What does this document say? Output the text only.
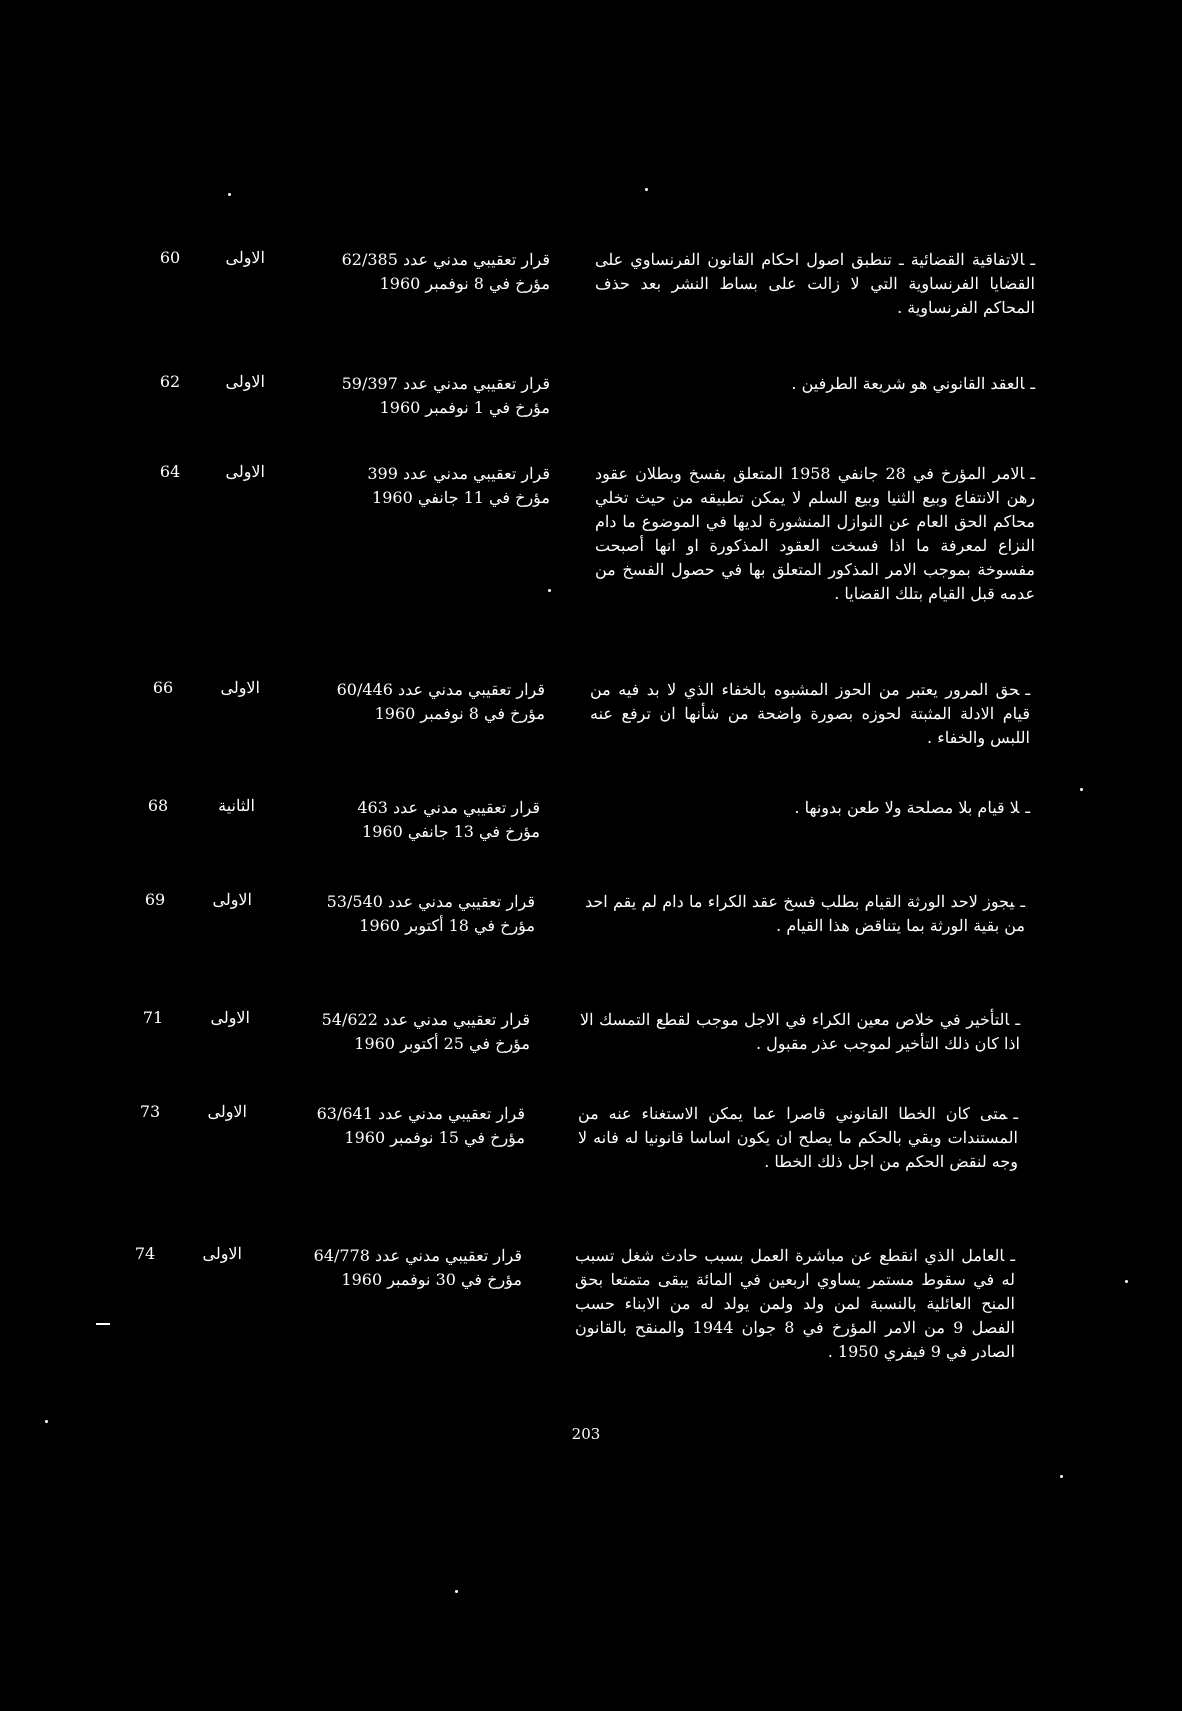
60	الاولى	قرار تعقيبي مدني عدد 62/385
مؤرخ في 8 نوفمبر 1960
ـالاتفاقية القضائية ـ تنطبق اصول احكام القانون الفرنساوي على القضايا الفرنساوية التي لا زالت على بساط النشر بعد حذف المحاكم الفرنساوية .
62	الاولى	قرار تعقيبي مدني عدد 59/397
مؤرخ في 1 نوفمبر 1960
ـالعقد القانوني هو شريعة الطرفين .
64	الاولى	قرار تعقيبي مدني عدد 399
مؤرخ في 11 جانفي 1960
ـالامر المؤرخ في 28 جانفي 1958 المتعلق بفسخ وبطلان عقود رهن الانتفاع وبيع الثنيا وبيع السلم لا يمكن تطبيقه من حيث تخلي محاكم الحق العام عن النوازل المنشورة لديها في الموضوع ما دام النزاع لمعرفة ما اذا فسخت العقود المذكورة او انها أصبحت مفسوخة بموجب الامر المذكور المتعلق بها في حصول الفسخ من عدمه قبل القيام بتلك القضايا .
66	الاولى	قرار تعقيبي مدني عدد 60/446
مؤرخ في 8 نوفمبر 1960
ـحق المرور يعتبر من الحوز المشبوه بالخفاء الذي لا بد فيه من قيام الادلة المثبتة لحوزه بصورة واضحة من شأنها ان ترفع عنه اللبس والخفاء .
68	الثانية	قرار تعقيبي مدني عدد 463
مؤرخ في 13 جانفي 1960
ـلا قيام بلا مصلحة ولا طعن بدونها .
69	الاولى	قرار تعقيبي مدني عدد 53/540
مؤرخ في 18 أكتوبر 1960
ـيجوز لاحد الورثة القيام بطلب فسخ عقد الكراء ما دام لم يقم احد من بقية الورثة بما يتناقض هذا القيام .
71	الاولى	قرار تعقيبي مدني عدد 54/622
مؤرخ في 25 أكتوبر 1960
ـالتأخير في خلاص معين الكراء في الاجل موجب لقطع التمسك الا اذا كان ذلك التأخير لموجب عذر مقبول .
73	الاولى	قرار تعقيبي مدني عدد 63/641
مؤرخ في 15 نوفمبر 1960
ـمتى كان الخطا القانوني قاصرا عما يمكن الاستغناء عنه من المستندات وبقي بالحكم ما يصلح ان يكون اساسا قانونيا له فانه لا وجه لنقض الحكم من اجل ذلك الخطا .
74	الاولى	قرار تعقيبي مدني عدد 64/778
مؤرخ في 30 نوفمبر 1960
ـالعامل الذي انقطع عن مباشرة العمل بسبب حادث شغل تسبب له في سقوط مستمر يساوي اربعين في المائة يبقى متمتعا بحق المنح العائلية بالنسبة لمن ولد ولمن يولد له من الابناء حسب الفصل 9 من الامر المؤرخ في 8 جوان 1944 والمنقح بالقانون الصادر في 9 فيفري 1950 .
203
